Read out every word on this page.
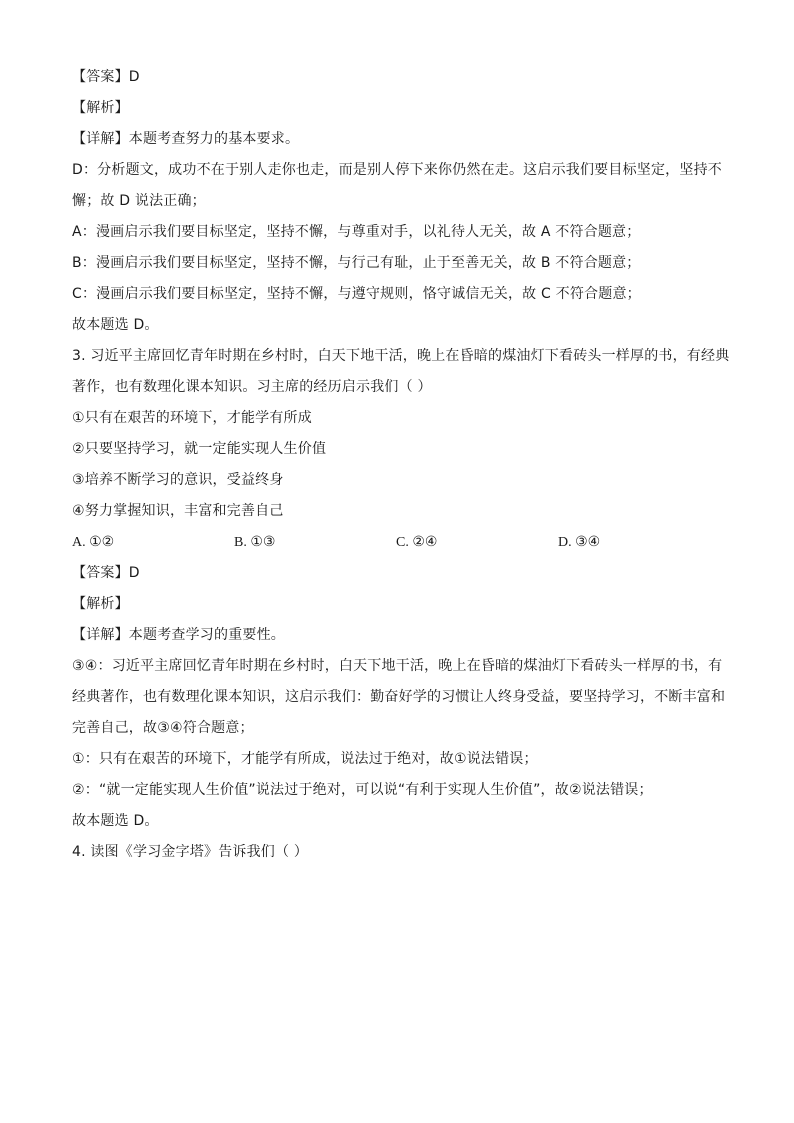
【答案】D
【解析】
【详解】本题考查努力的基本要求。
D：分析题文，成功不在于别人走你也走，而是别人停下来你仍然在走。这启示我们要目标坚定，坚持不
懈；故 D 说法正确；
A：漫画启示我们要目标坚定，坚持不懈，与尊重对手，以礼待人无关，故 A 不符合题意；
B：漫画启示我们要目标坚定，坚持不懈，与行己有耻，止于至善无关，故 B 不符合题意；
C：漫画启示我们要目标坚定，坚持不懈，与遵守规则，恪守诚信无关，故 C 不符合题意；
故本题选 D。
3. 习近平主席回忆青年时期在乡村时，白天下地干活，晚上在昏暗的煤油灯下看砖头一样厚的书，有经典
著作，也有数理化课本知识。习主席的经历启示我们（ ）
①只有在艰苦的环境下，才能学有所成
②只要坚持学习，就一定能实现人生价值
③培养不断学习的意识，受益终身
④努力掌握知识，丰富和完善自己
A. ①②	B. ①③	C. ②④	D. ③④
【答案】D
【解析】
【详解】本题考查学习的重要性。
③④：习近平主席回忆青年时期在乡村时，白天下地干活，晚上在昏暗的煤油灯下看砖头一样厚的书，有
经典著作，也有数理化课本知识，这启示我们：勤奋好学的习惯让人终身受益，要坚持学习，不断丰富和
完善自己，故③④符合题意；
①：只有在艰苦的环境下，才能学有所成，说法过于绝对，故①说法错误；
②：“就一定能实现人生价值”说法过于绝对，可以说“有利于实现人生价值”，故②说法错误；
故本题选 D。
4. 读图《学习金字塔》告诉我们（ ）
